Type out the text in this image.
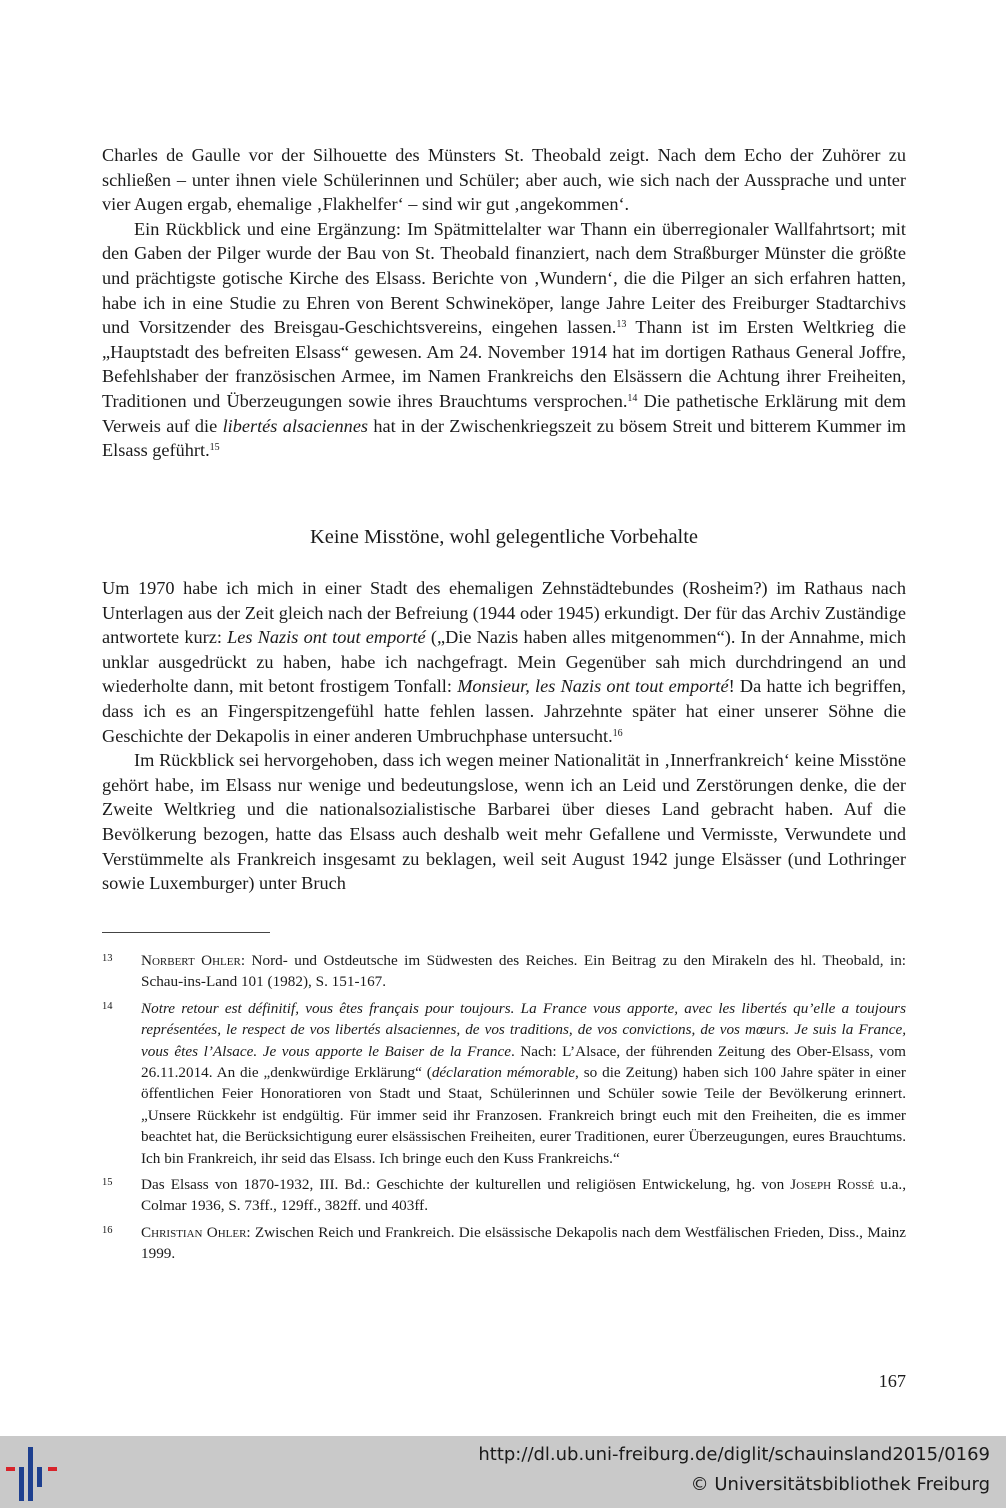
Charles de Gaulle vor der Silhouette des Münsters St. Theobald zeigt. Nach dem Echo der Zuhörer zu schließen – unter ihnen viele Schülerinnen und Schüler; aber auch, wie sich nach der Aussprache und unter vier Augen ergab, ehemalige ‚Flakhelfer‘ – sind wir gut ‚angekommen‘.

Ein Rückblick und eine Ergänzung: Im Spätmittelalter war Thann ein überregionaler Wallfahrtsort; mit den Gaben der Pilger wurde der Bau von St. Theobald finanziert, nach dem Straßburger Münster die größte und prächtigste gotische Kirche des Elsass. Berichte von ‚Wundern‘, die die Pilger an sich erfahren hatten, habe ich in eine Studie zu Ehren von Berent Schwineköper, lange Jahre Leiter des Freiburger Stadtarchivs und Vorsitzender des Breisgau-Geschichtsvereins, eingehen lassen.$^{13}$ Thann ist im Ersten Weltkrieg die „Hauptstadt des befreiten Elsass“ gewesen. Am 24. November 1914 hat im dortigen Rathaus General Joffre, Befehlshaber der französischen Armee, im Namen Frankreichs den Elsässern die Achtung ihrer Freiheiten, Traditionen und Überzeugungen sowie ihres Brauchtums versprochen.$^{14}$ Die pathetische Erklärung mit dem Verweis auf die libertés alsaciennes hat in der Zwischenkriegszeit zu bösem Streit und bitterem Kummer im Elsass geführt.$^{15}$

Keine Misstöne, wohl gelegentliche Vorbehalte

Um 1970 habe ich mich in einer Stadt des ehemaligen Zehnstädtebundes (Rosheim?) im Rathaus nach Unterlagen aus der Zeit gleich nach der Befreiung (1944 oder 1945) erkundigt. Der für das Archiv Zuständige antwortete kurz: Les Nazis ont tout emporté („Die Nazis haben alles mitgenommen“). In der Annahme, mich unklar ausgedrückt zu haben, habe ich nachgefragt. Mein Gegenüber sah mich durchdringend an und wiederholte dann, mit betont frostigem Tonfall: Monsieur, les Nazis ont tout emporté! Da hatte ich begriffen, dass ich es an Fingerspitzengefühl hatte fehlen lassen. Jahrzehnte später hat einer unserer Söhne die Geschichte der Dekapolis in einer anderen Umbruchphase untersucht.$^{16}$

Im Rückblick sei hervorgehoben, dass ich wegen meiner Nationalität in ‚Innerfrankreich‘ keine Misstöne gehört habe, im Elsass nur wenige und bedeutungslose, wenn ich an Leid und Zerstörungen denke, die der Zweite Weltkrieg und die nationalsozialistische Barbarei über dieses Land gebracht haben. Auf die Bevölkerung bezogen, hatte das Elsass auch deshalb weit mehr Gefallene und Vermisste, Verwundete und Verstümmelte als Frankreich insgesamt zu beklagen, weil seit August 1942 junge Elsässer (und Lothringer sowie Luxemburger) unter Bruch

13 Norbert Ohler: Nord- und Ostdeutsche im Südwesten des Reiches. Ein Beitrag zu den Mirakeln des hl. Theobald, in: Schau-ins-Land 101 (1982), S. 151-167.
14 Notre retour est définitif, vous êtes français pour toujours. La France vous apporte, avec les libertés qu’elle a toujours représentées, le respect de vos libertés alsaciennes, de vos traditions, de vos convictions, de vos mœurs. Je suis la France, vous êtes l’Alsace. Je vous apporte le Baiser de la France. Nach: L’Alsace, der führenden Zeitung des Ober-Elsass, vom 26.11.2014. An die „denkwürdige Erklärung“ (déclaration mémorable, so die Zeitung) haben sich 100 Jahre später in einer öffentlichen Feier Honoratioren von Stadt und Staat, Schülerinnen und Schüler sowie Teile der Bevölkerung erinnert. „Unsere Rückkehr ist endgültig. Für immer seid ihr Franzosen. Frankreich bringt euch mit den Freiheiten, die es immer beachtet hat, die Berücksichtigung eurer elsässischen Freiheiten, eurer Traditionen, eurer Überzeugungen, eures Brauchtums. Ich bin Frankreich, ihr seid das Elsass. Ich bringe euch den Kuss Frankreichs.“
15 Das Elsass von 1870-1932, III. Bd.: Geschichte der kulturellen und religiösen Entwickelung, hg. von Joseph Rossé u.a., Colmar 1936, S. 73ff., 129ff., 382ff. und 403ff.
16 Christian Ohler: Zwischen Reich und Frankreich. Die elsässische Dekapolis nach dem Westfälischen Frieden, Diss., Mainz 1999.
167
http://dl.ub.uni-freiburg.de/diglit/schauinsland2015/0169
© Universitätsbibliothek Freiburg
